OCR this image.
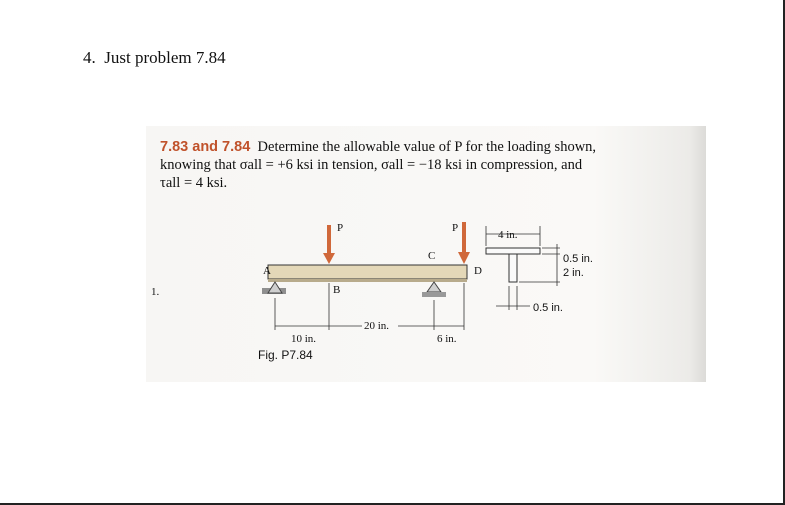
4. Just problem 7.84
7.83 and 7.84 Determine the allowable value of P for the loading shown,
knowing that σall = +6 ksi in tension, σall = −18 ksi in compression, and
τall = 4 ksi.
1.
P	P
A
B
C
D
10 in.
20 in.
6 in.
4 in.
0.5 in.
2 in.
0.5 in.
Fig. P7.84
